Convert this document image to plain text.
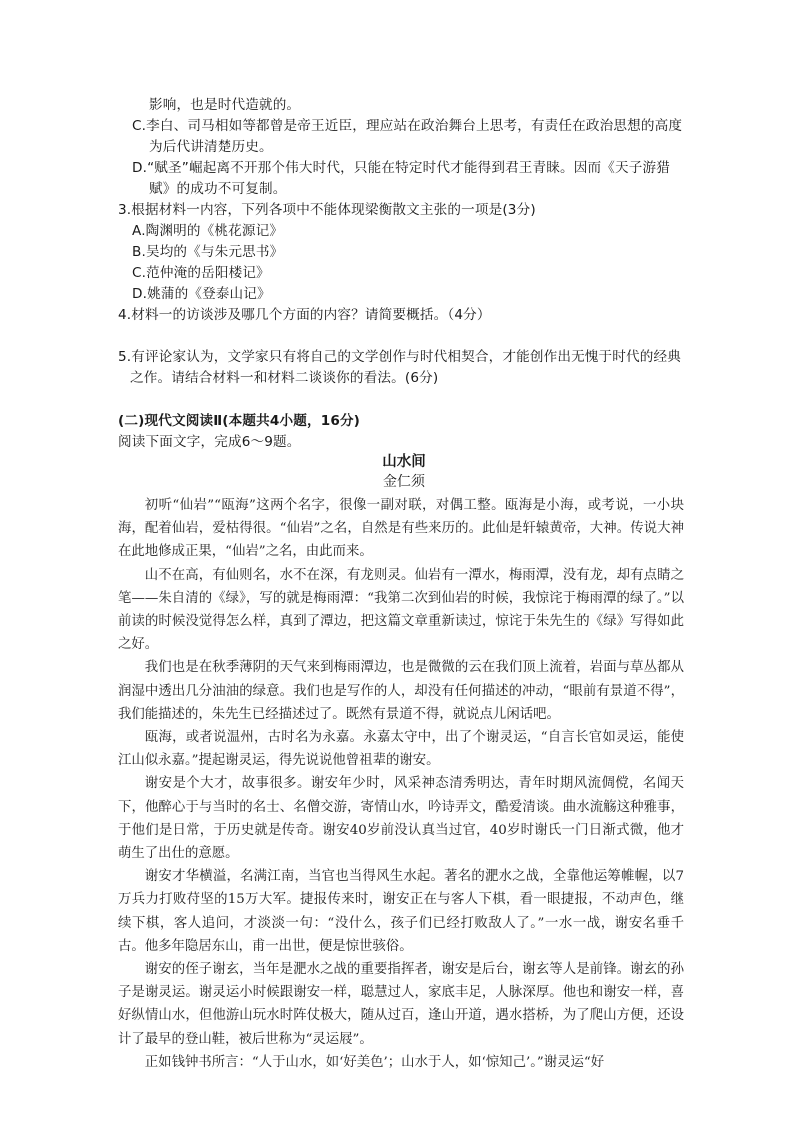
影响，也是时代造就的。

C.李白、司马相如等都曾是帝王近臣，理应站在政治舞台上思考，有责任在政治思想的高度为后代讲清楚历史。

D.“赋圣”崛起离不开那个伟大时代，只能在特定时代才能得到君王青睐。因而《天子游猎赋》的成功不可复制。

3.根据材料一内容，下列各项中不能体现梁衡散文主张的一项是(3分)

A.陶渊明的《桃花源记》

B.吴均的《与朱元思书》

C.范仲淹的岳阳楼记》

D.姚蒲的《登泰山记》

4.材料一的访谈涉及哪几个方面的内容？请简要概括。（4分）

5.有评论家认为，文学家只有将自己的文学创作与时代相契合，才能创作出无愧于时代的经典之作。请结合材料一和材料二谈谈你的看法。(6分)

(二)现代文阅读Ⅱ(本题共4小题，16分)

阅读下面文字，完成6～9题。

山水间
金仁须

初听“仙岩”“瓯海”这两个名字，很像一副对联，对偶工整。瓯海是小海，或考说，一小块海，配着仙岩，爱枯得很。“仙岩”之名，自然是有些来历的。此仙是轩辕黄帝，大神。传说大神在此地修成正果，“仙岩”之名，由此而来。

山不在高，有仙则名，水不在深，有龙则灵。仙岩有一潭水，梅雨潭，没有龙，却有点睛之笔——朱自清的《绿》，写的就是梅雨潭：“我第二次到仙岩的时候，我惊诧于梅雨潭的绿了。”以前读的时候没觉得怎么样，真到了潭边，把这篇文章重新读过，惊诧于朱先生的《绿》写得如此之好。

我们也是在秋季薄阴的天气来到梅雨潭边，也是微微的云在我们顶上流着，岩面与草丛都从润湿中透出几分油油的绿意。我们也是写作的人，却没有任何描述的冲动，“眼前有景道不得”，我们能描述的，朱先生已经描述过了。既然有景道不得，就说点儿闲话吧。

瓯海，或者说温州，古时名为永嘉。永嘉太守中，出了个谢灵运，“自言长官如灵运，能使江山似永嘉。”提起谢灵运，得先说说他曾祖辈的谢安。

谢安是个大才，故事很多。谢安年少时，风采神态清秀明达，青年时期风流倜傥，名闻天下，他醉心于与当时的名士、名僧交游，寄情山水，吟诗弄文，酷爱清谈。曲水流觞这种雅事，于他们是日常，于历史就是传奇。谢安40岁前没认真当过官，40岁时谢氏一门日渐式微，他才萌生了出仕的意愿。

谢安才华横溢，名满江南，当官也当得风生水起。著名的淝水之战，全靠他运筹帷幄，以7万兵力打败苻坚的15万大军。捷报传来时，谢安正在与客人下棋，看一眼捷报，不动声色，继续下棋，客人追问，才淡淡一句：“没什么，孩子们已经打败敌人了。”一水一战，谢安名垂千古。他多年隐居东山，甫一出世，便是惊世骇俗。

谢安的侄子谢玄，当年是淝水之战的重要指挥者，谢安是后台，谢玄等人是前锋。谢玄的孙子是谢灵运。谢灵运小时候跟谢安一样，聪慧过人，家底丰足，人脉深厚。他也和谢安一样，喜好纵情山水，但他游山玩水时阵仗极大，随从过百，逢山开道，遇水搭桥，为了爬山方便，还设计了最早的登山鞋，被后世称为“灵运屐”。

正如钱钟书所言：“人于山水，如‘好美色’；山水于人，如‘惊知己’。”谢灵运“好
